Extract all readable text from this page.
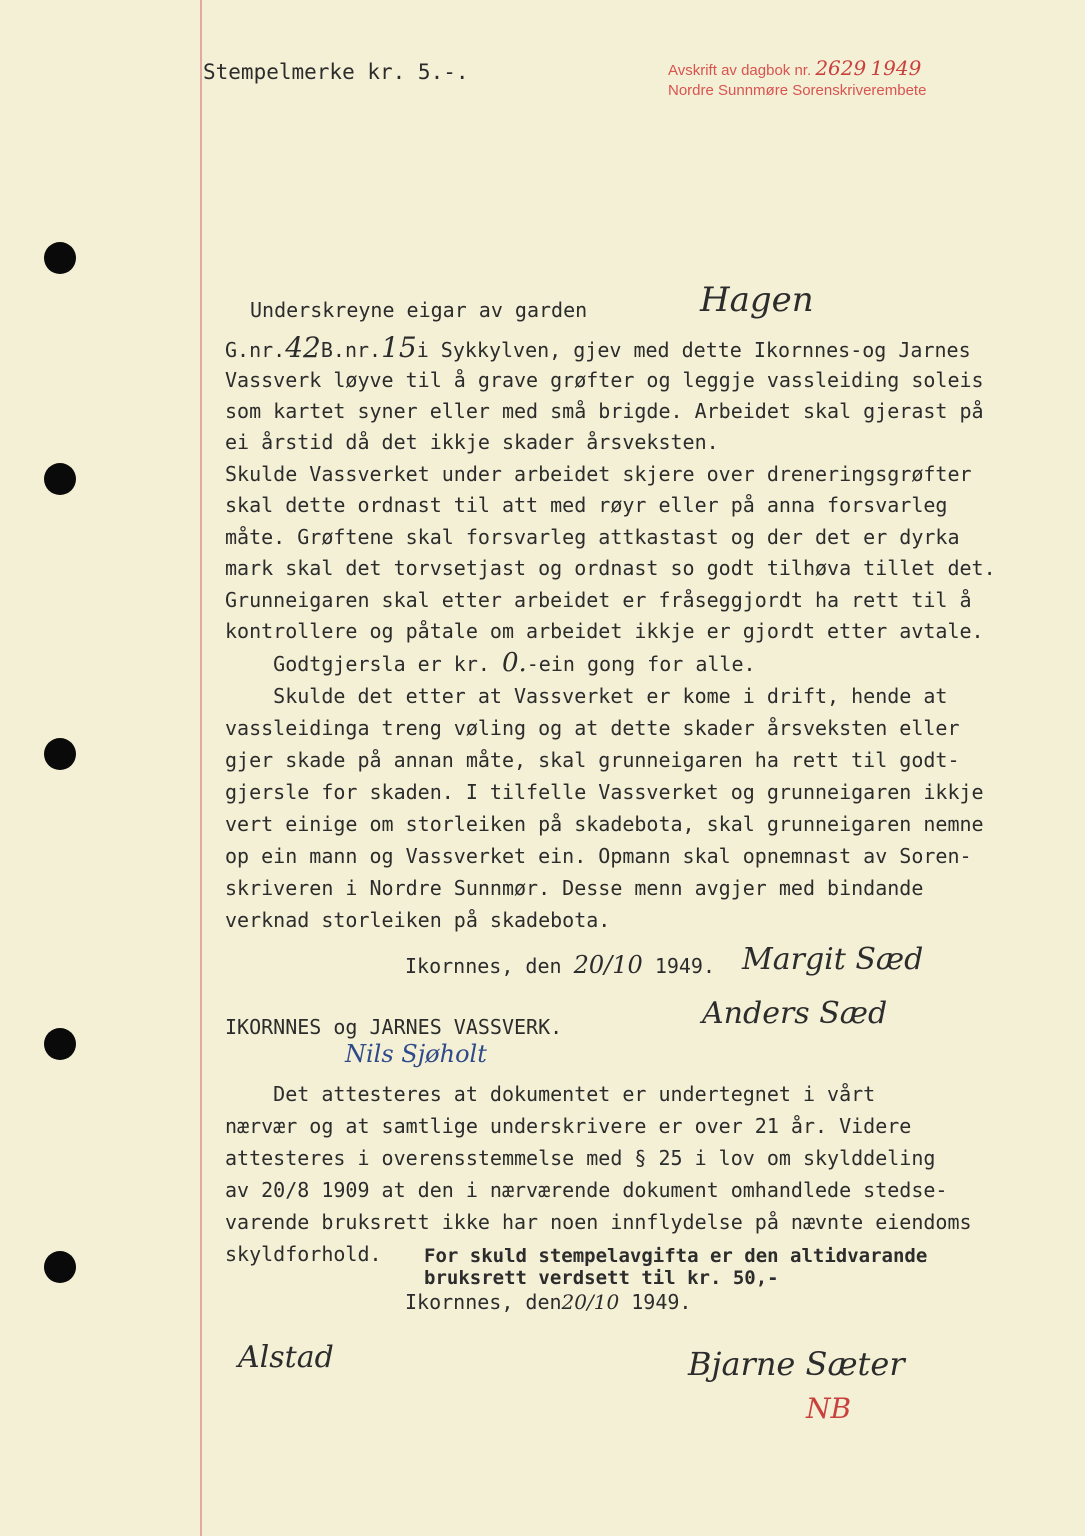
Stempelmerke kr. 5.-.	Avskrift av dagbok nr. 2629 1949
Nordre Sunnmøre Sorenskriverembete
Underskreyne eigar av garden	Hagen
G.nr.42B.nr.15i Sykkylven, gjev med dette Ikornnes-og Jarnes
Vassverk løyve til å grave grøfter og leggje vassleiding soleis
som kartet syner eller med små brigde. Arbeidet skal gjerast på
ei årstid då det ikkje skader årsveksten.
Skulde Vassverket under arbeidet skjere over dreneringsgrøfter
skal dette ordnast til att med røyr eller på anna forsvarleg
måte. Grøftene skal forsvarleg attkastast og der det er dyrka
mark skal det torvsetjast og ordnast so godt tilhøva tillet det.
Grunneigaren skal etter arbeidet er fråseggjordt ha rett til å
kontrollere og påtale om arbeidet ikkje er gjordt etter avtale.
Godtgjersla er kr. 0.-ein gong for alle.
Skulde det etter at Vassverket er kome i drift, hende at
vassleidinga treng vøling og at dette skader årsveksten eller
gjer skade på annan måte, skal grunneigaren ha rett til godt-
gjersle for skaden. I tilfelle Vassverket og grunneigaren ikkje
vert einige om storleiken på skadebota, skal grunneigaren nemne
op ein mann og Vassverket ein. Opmann skal opnemnast av Soren-
skriveren i Nordre Sunnmør. Desse menn avgjer med bindande
verknad storleiken på skadebota.
Ikornnes, den 20/10 1949. Margit Sæd
Anders Sæd
IKORNNES og JARNES VASSVERK.
Nils Sjøholt
Det attesteres at dokumentet er undertegnet i vårt
nærvær og at samtlige underskrivere er over 21 år. Videre
attesteres i overensstemmelse med § 25 i lov om skylddeling
av 20/8 1909 at den i nærværende dokument omhandlede stedse-
varende bruksrett ikke har noen innflydelse på nævnte eiendoms
skyldforhold. For skuld stempelavgifta er den altidvarande
bruksrett verdsett til kr. 50,-
Ikornnes, den20/10 1949.
Alstad	Bjarne Sæter
NB
